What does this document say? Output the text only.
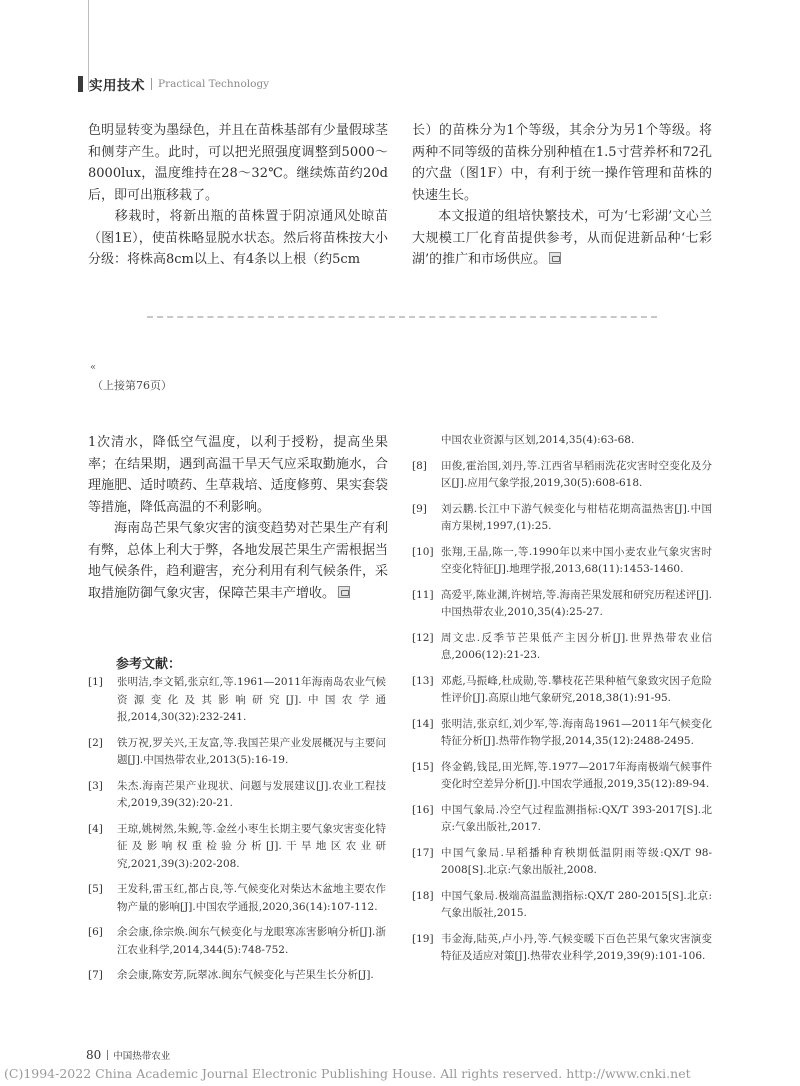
实用技术 Practical Technology

色明显转变为墨绿色，并且在苗株基部有少量假球茎和侧芽产生。此时，可以把光照强度调整到5000～8000lux，温度维持在28～32℃。继续炼苗约20d后，即可出瓶移栽了。

移栽时，将新出瓶的苗株置于阴凉通风处晾苗（图1E），使苗株略显脱水状态。然后将苗株按大小分级：将株高8cm以上、有4条以上根（约5cm

长）的苗株分为1个等级，其余分为另1个等级。将两种不同等级的苗株分别种植在1.5寸营养杯和72孔的穴盘（图1F）中，有利于统一操作管理和苗株的快速生长。

本文报道的组培快繁技术，可为‘七彩湖’文心兰大规模工厂化育苗提供参考，从而促进新品种‘七彩湖’的推广和市场供应。

«
（上接第76页）

1次清水，降低空气温度，以利于授粉，提高坐果率；在结果期，遇到高温干旱天气应采取勤施水，合理施肥、适时喷药、生草栽培、适度修剪、果实套袋等措施，降低高温的不利影响。

海南岛芒果气象灾害的演变趋势对芒果生产有利有弊，总体上利大于弊，各地发展芒果生产需根据当地气候条件，趋利避害，充分利用有利气候条件，采取措施防御气象灾害，保障芒果丰产增收。

参考文献：
[1] 张明洁,李文韬,张京红,等.1961—2011年海南岛农业气候资源变化及其影响研究[J].中国农学通报,2014,30(32):232-241.
[2] 铁万祝,罗关兴,王友富,等.我国芒果产业发展概况与主要问题[J].中国热带农业,2013(5):16-19.
[3] 朱杰.海南芒果产业现状、问题与发展建议[J].农业工程技术,2019,39(32):20-21.
[4] 王琼,姚树然,朱鲵,等.金丝小枣生长期主要气象灾害变化特征及影响权重检验分析[J].干旱地区农业研究,2021,39(3):202-208.
[5] 王发科,雷玉红,都占良,等.气候变化对柴达木盆地主要农作物产量的影响[J].中国农学通报,2020,36(14):107-112.
[6] 余会康,徐宗焕.闽东气候变化与龙眼寒冻害影响分析[J].浙江农业科学,2014,344(5):748-752.
[7] 余会康,陈安芳,阮翠冰.闽东气候变化与芒果生长分析[J].
中国农业资源与区划,2014,35(4):63-68.
[8] 田俊,霍治国,刘丹,等.江西省早稻雨洗花灾害时空变化及分区[J].应用气象学报,2019,30(5):608-618.
[9] 刘云鹏.长江中下游气候变化与柑桔花期高温热害[J].中国南方果树,1997,(1):25.
[10] 张翔,王晶,陈一,等.1990年以来中国小麦农业气象灾害时空变化特征[J].地理学报,2013,68(11):1453-1460.
[11] 高爱平,陈业渊,许树培,等.海南芒果发展和研究历程述评[J].中国热带农业,2010,35(4):25-27.
[12] 周文忠.反季节芒果低产主因分析[J].世界热带农业信息,2006(12):21-23.
[13] 邓彪,马振峰,杜成勋,等.攀枝花芒果种植气象致灾因子危险性评价[J].高原山地气象研究,2018,38(1):91-95.
[14] 张明洁,张京红,刘少军,等.海南岛1961—2011年气候变化特征分析[J].热带作物学报,2014,35(12):2488-2495.
[15] 佟金鹤,钱昆,田光辉,等.1977—2017年海南极端气候事件变化时空差异分析[J].中国农学通报,2019,35(12):89-94.
[16] 中国气象局.冷空气过程监测指标:QX/T 393-2017[S].北京:气象出版社,2017.
[17] 中国气象局.早稻播种育秧期低温阴雨等级:QX/T 98-2008[S].北京:气象出版社,2008.
[18] 中国气象局.极端高温监测指标:QX/T 280-2015[S].北京:气象出版社,2015.
[19] 韦金海,陆英,卢小丹,等.气候变暖下百色芒果气象灾害演变特征及适应对策[J].热带农业科学,2019,39(9):101-106.
80 中国热带农业
(C)1994-2022 China Academic Journal Electronic Publishing House. All rights reserved. http://www.cnki.net
